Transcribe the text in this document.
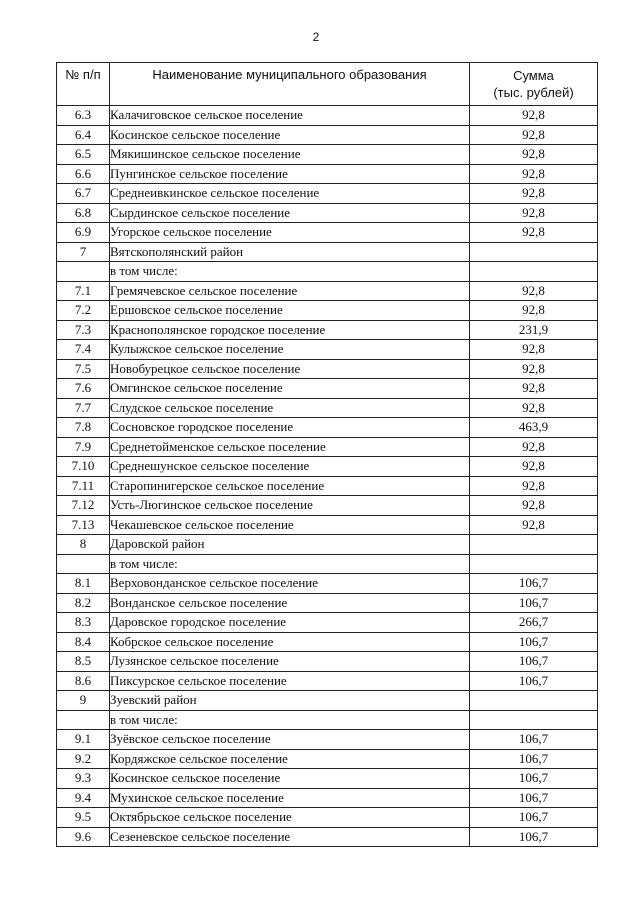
2
№ п/п	Наименование муниципального образования	Сумма
(тыс. рублей)
6.3	Калачиговское сельское поселение	92,8
6.4	Косинское сельское поселение	92,8
6.5	Мякишинское сельское поселение	92,8
6.6	Пунгинское сельское поселение	92,8
6.7	Среднеивкинское сельское поселение	92,8
6.8	Сырдинское сельское поселение	92,8
6.9	Угорское сельское поселение	92,8
7	Вятскополянский район	
	в том числе:	
7.1	Гремячевское сельское поселение	92,8
7.2	Ершовское сельское поселение	92,8
7.3	Краснополянское городское поселение	231,9
7.4	Кулыжское сельское поселение	92,8
7.5	Новобурецкое сельское поселение	92,8
7.6	Омгинское сельское поселение	92,8
7.7	Слудское сельское поселение	92,8
7.8	Сосновское городское поселение	463,9
7.9	Среднетойменское сельское поселение	92,8
7.10	Среднешунское сельское поселение	92,8
7.11	Старопинигерское сельское поселение	92,8
7.12	Усть-Люгинское сельское поселение	92,8
7.13	Чекашевское сельское поселение	92,8
8	Даровской район	
	в том числе:	
8.1	Верховонданское сельское поселение	106,7
8.2	Вонданское сельское поселение	106,7
8.3	Даровское городское поселение	266,7
8.4	Кобрское сельское поселение	106,7
8.5	Лузянское сельское поселение	106,7
8.6	Пиксурское сельское поселение	106,7
9	Зуевский район	
	в том числе:	
9.1	Зуёвское сельское поселение	106,7
9.2	Кордяжское сельское поселение	106,7
9.3	Косинское сельское поселение	106,7
9.4	Мухинское сельское поселение	106,7
9.5	Октябрьское сельское поселение	106,7
9.6	Сезеневское сельское поселение	106,7
